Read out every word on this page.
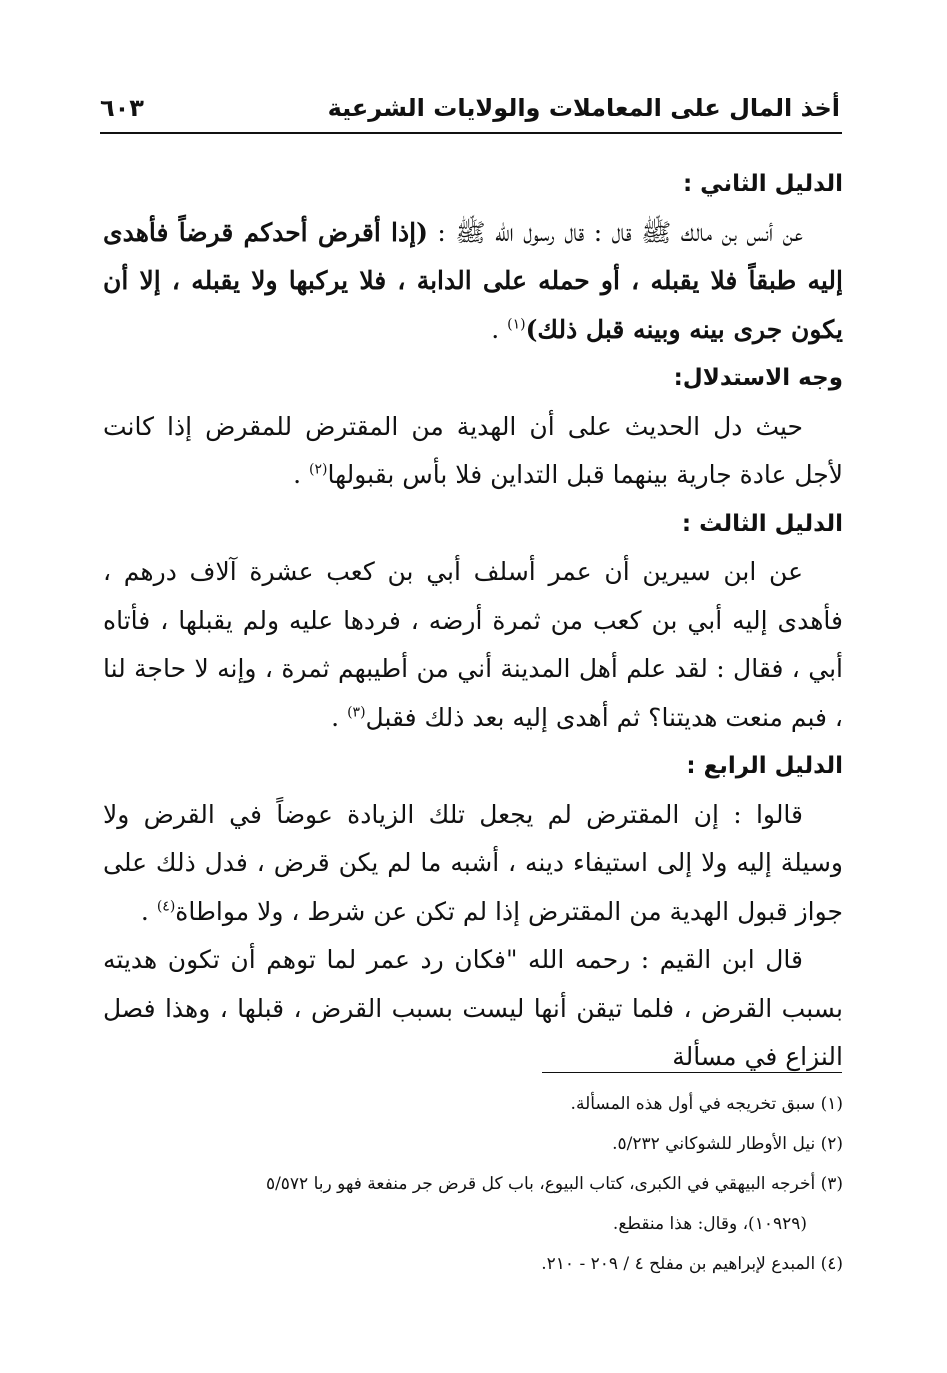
أخذ المال على المعاملات والولايات الشرعية
٦٠٣

الدليل الثاني :

عن أنس بن مالك ﷺ قال : قال رسول الله ﷺ : (إذا أقرض أحدكم قرضاً فأهدى إليه طبقاً فلا يقبله ، أو حمله على الدابة ، فلا يركبها ولا يقبله ، إلا أن يكون جرى بينه وبينه قبل ذلك)$^{(١)}$ .

وجه الاستدلال:

حيث دل الحديث على أن الهدية من المقترض للمقرض إذا كانت لأجل عادة جارية بينهما قبل التداين فلا بأس بقبولها$^{(٢)}$ .

الدليل الثالث :

عن ابن سيرين أن عمر أسلف أبي بن كعب عشرة آلاف درهم ، فأهدى إليه أبي بن كعب من ثمرة أرضه ، فردها عليه ولم يقبلها ، فأتاه أبي ، فقال : لقد علم أهل المدينة أني من أطيبهم ثمرة ، وإنه لا حاجة لنا ، فبم منعت هديتنا؟ ثم أهدى إليه بعد ذلك فقبل$^{(٣)}$ .

الدليل الرابع :

قالوا : إن المقترض لم يجعل تلك الزيادة عوضاً في القرض ولا وسيلة إليه ولا إلى استيفاء دينه ، أشبه ما لم يكن قرض ، فدل ذلك على جواز قبول الهدية من المقترض إذا لم تكن عن شرط ، ولا مواطاة$^{(٤)}$ .

قال ابن القيم : رحمه الله "فكان رد عمر لما توهم أن تكون هديته بسبب القرض ، فلما تيقن أنها ليست بسبب القرض ، قبلها ، وهذا فصل النزاع في مسألة

(١) سبق تخريجه في أول هذه المسألة.

(٢) نيل الأوطار للشوكاني ٥/٢٣٢.

(٣) أخرجه البيهقي في الكبرى، كتاب البيوع، باب كل قرض جر منفعة فهو ربا ٥/٥٧٢

(١٠٩٢٩)، وقال: هذا منقطع.

(٤) المبدع لإبراهيم بن مفلح ٤ / ٢٠٩ - ٢١٠.
